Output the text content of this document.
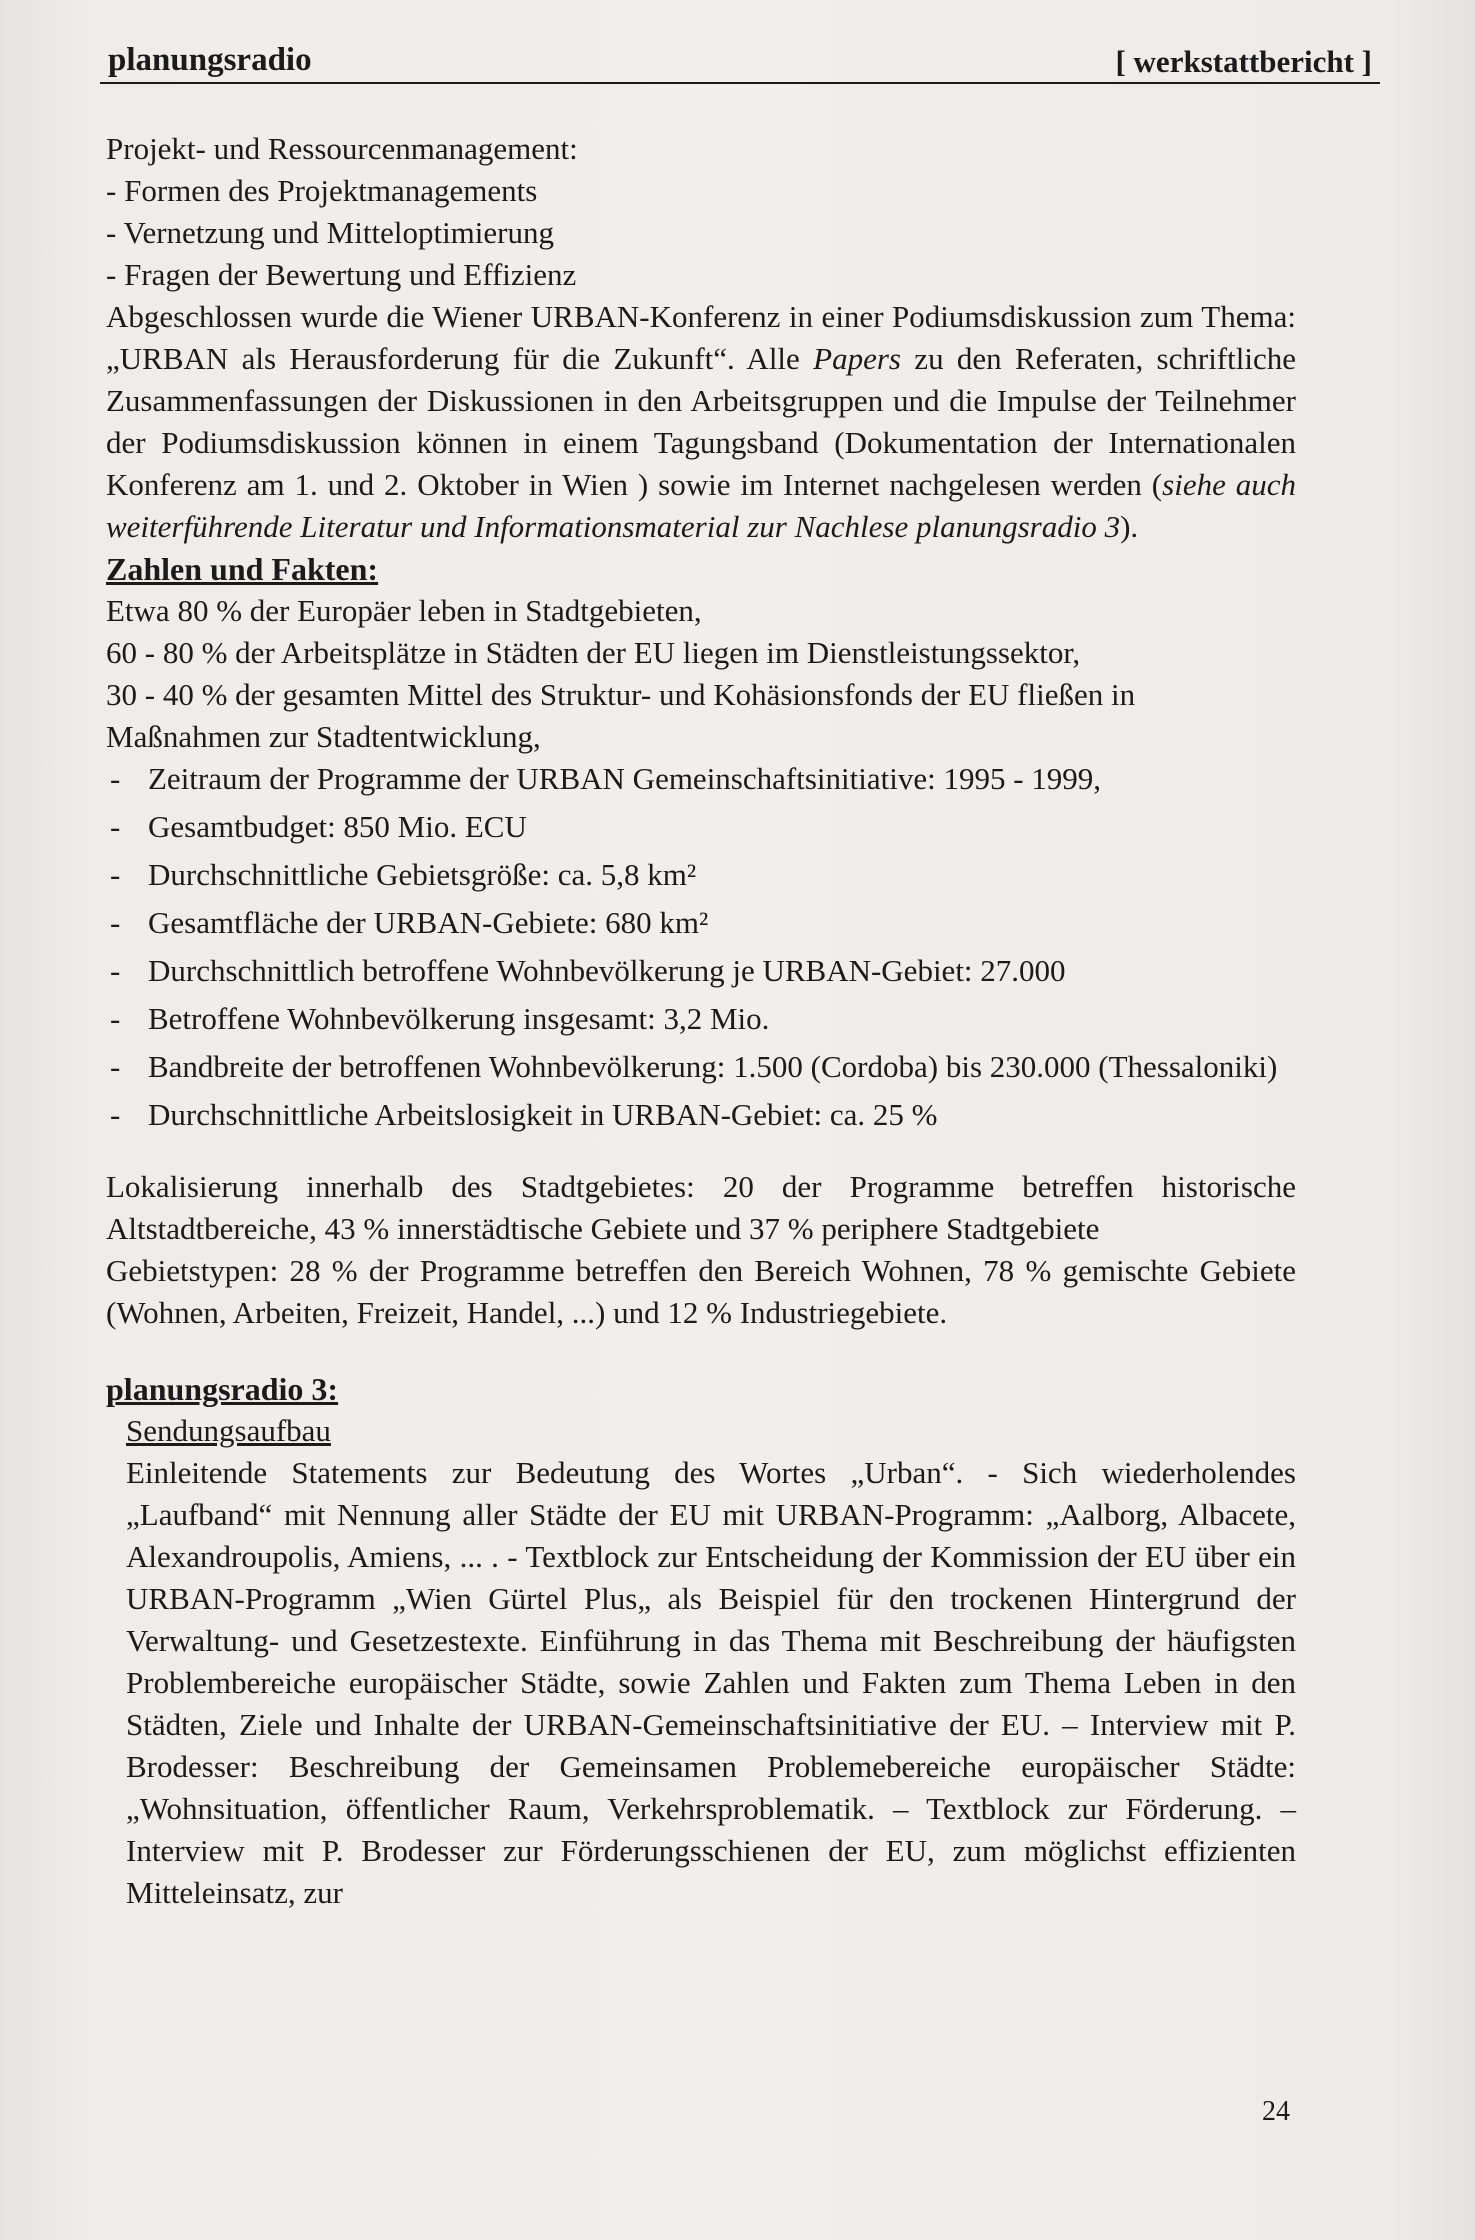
planungsradio	[ werkstattbericht ]

Projekt- und Ressourcenmanagement:

- Formen des Projektmanagements

- Vernetzung und Mitteloptimierung

- Fragen der Bewertung und Effizienz

Abgeschlossen wurde die Wiener URBAN-Konferenz in einer Podiumsdiskussion zum Thema: „URBAN als Herausforderung für die Zukunft“. Alle Papers zu den Referaten, schriftliche Zusammenfassungen der Diskussionen in den Arbeitsgruppen und die Impulse der Teilnehmer der Podiumsdiskussion können in einem Tagungsband (Dokumentation der Internationalen Konferenz am 1. und 2. Oktober in Wien ) sowie im Internet nachgelesen werden (siehe auch weiterführende Literatur und Informationsmaterial zur Nachlese planungsradio 3).

Zahlen und Fakten:

Etwa 80 % der Europäer leben in Stadtgebieten,

60 - 80 % der Arbeitsplätze in Städten der EU liegen im Dienstleistungssektor,

30 - 40 % der gesamten Mittel des Struktur- und Kohäsionsfonds der EU fließen in Maßnahmen zur Stadtentwicklung,

- Zeitraum der Programme der URBAN Gemeinschaftsinitiative: 1995 - 1999,
- Gesamtbudget: 850 Mio. ECU
- Durchschnittliche Gebietsgröße: ca. 5,8 km²
- Gesamtfläche der URBAN-Gebiete: 680 km²
- Durchschnittlich betroffene Wohnbevölkerung je URBAN-Gebiet: 27.000
- Betroffene Wohnbevölkerung insgesamt: 3,2 Mio.
- Bandbreite der betroffenen Wohnbevölkerung: 1.500 (Cordoba) bis 230.000 (Thessaloniki)
- Durchschnittliche Arbeitslosigkeit in URBAN-Gebiet: ca. 25 %

Lokalisierung innerhalb des Stadtgebietes: 20 der Programme betreffen historische Altstadtbereiche, 43 % innerstädtische Gebiete und 37 % periphere Stadtgebiete

Gebietstypen: 28 % der Programme betreffen den Bereich Wohnen, 78 % gemischte Gebiete (Wohnen, Arbeiten, Freizeit, Handel, ...) und 12 % Industriegebiete.

planungsradio 3:

Sendungsaufbau

Einleitende Statements zur Bedeutung des Wortes „Urban“. - Sich wiederholendes „Laufband“ mit Nennung aller Städte der EU mit URBAN-Programm: „Aalborg, Albacete, Alexandroupolis, Amiens, ... . - Textblock zur Entscheidung der Kommission der EU über ein URBAN-Programm „Wien Gürtel Plus„ als Beispiel für den trockenen Hintergrund der Verwaltung- und Gesetzestexte. Einführung in das Thema mit Beschreibung der häufigsten Problembereiche europäischer Städte, sowie Zahlen und Fakten zum Thema Leben in den Städten, Ziele und Inhalte der URBAN-Gemeinschaftsinitiative der EU. – Interview mit P. Brodesser: Beschreibung der Gemeinsamen Problemebereiche europäischer Städte: „Wohnsituation, öffentlicher Raum, Verkehrsproblematik. – Textblock zur Förderung. – Interview mit P. Brodesser zur Förderungsschienen der EU, zum möglichst effizienten Mitteleinsatz, zur

24
